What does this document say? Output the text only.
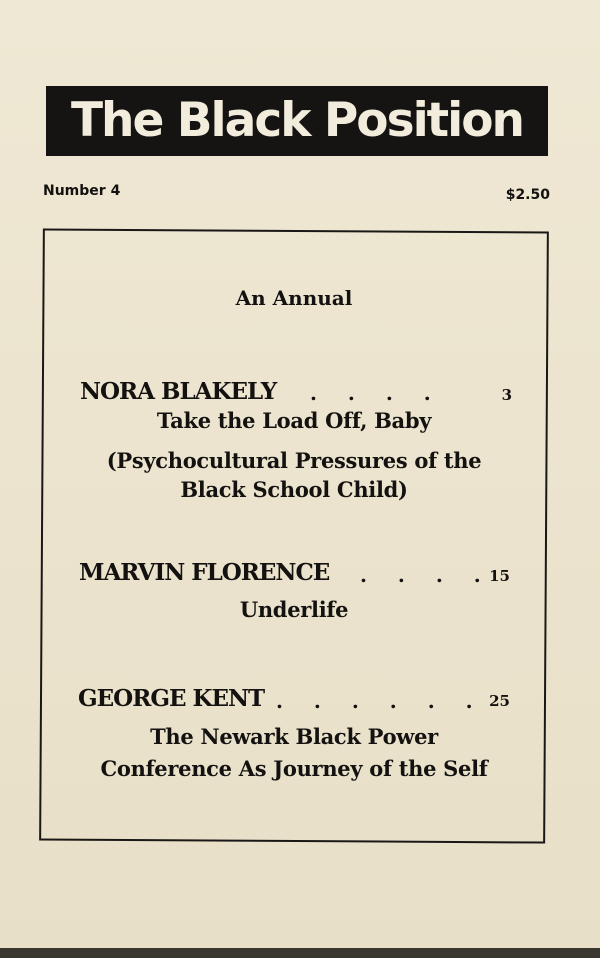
The Black Position
Number 4	$2.50
An Annual
NORA BLAKELY . . . .	3
Take the Load Off, Baby
(Psychocultural Pressures of the
Black School Child)
MARVIN FLORENCE . . . .
15
Underlife
GEORGE KENT . . . . . . 25
The Newark Black Power
Conference As Journey of the Self
